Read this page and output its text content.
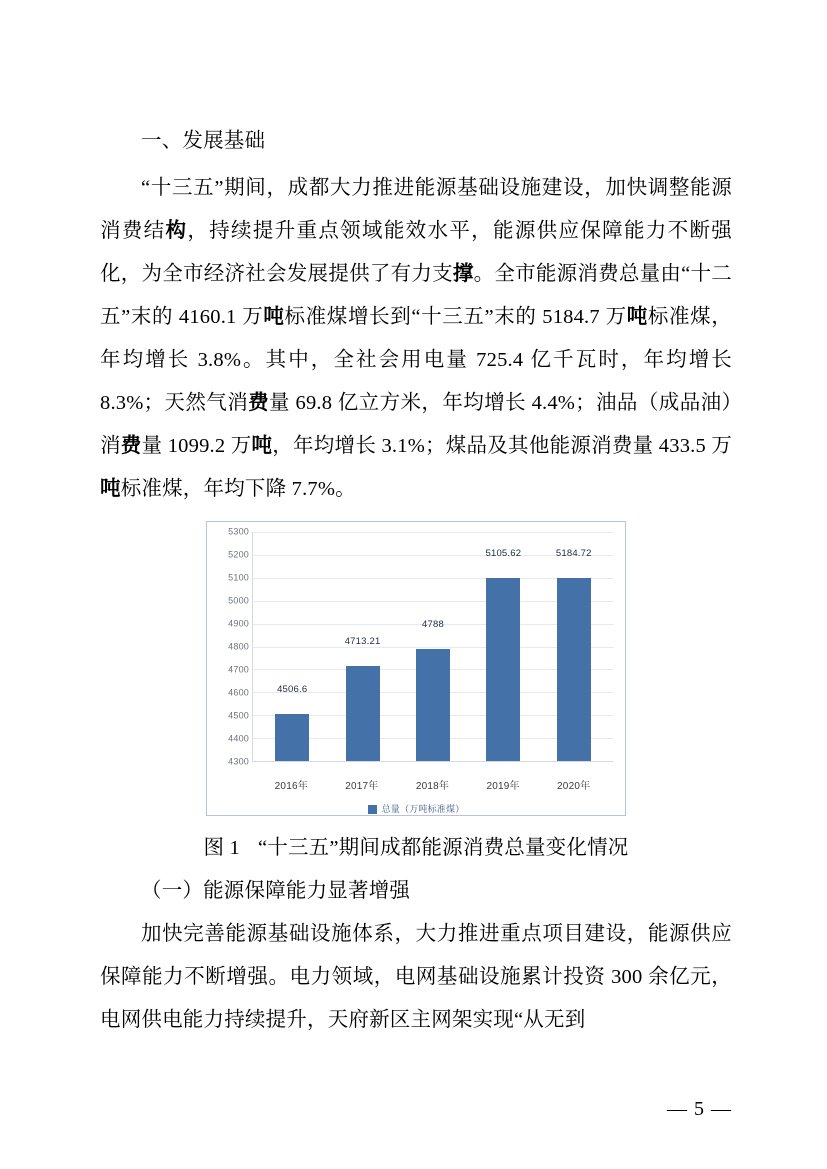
一、发展基础

“十三五”期间，成都大力推进能源基础设施建设，加快调整能源消费结构，持续提升重点领域能效水平，能源供应保障能力不断强化，为全市经济社会发展提供了有力支撑。全市能源消费总量由“十二五”末的 4160.1 万吨标准煤增长到“十三五”末的 5184.7 万吨标准煤，年均增长 3.8%。其中，全社会用电量 725.4 亿千瓦时，年均增长 8.3%；天然气消费量 69.8 亿立方米，年均增长 4.4%；油品（成品油）消费量 1099.2 万吨，年均增长 3.1%；煤品及其他能源消费量 433.5 万吨标准煤，年均下降 7.7%。

4300
4400
4500
4600
4700
4800
4900
5000
5100
5200
5300
4506.6
4713.21
4788
5105.62	5184.72
2016年	2017年	2018年	2019年	2020年
总量（万吨标准煤）
图 1 “十三五”期间成都能源消费总量变化情况

（一）能源保障能力显著增强

加快完善能源基础设施体系，大力推进重点项目建设，能源供应保障能力不断增强。电力领域，电网基础设施累计投资 300 余亿元，电网供电能力持续提升，天府新区主网架实现“从无到

— 5 —
